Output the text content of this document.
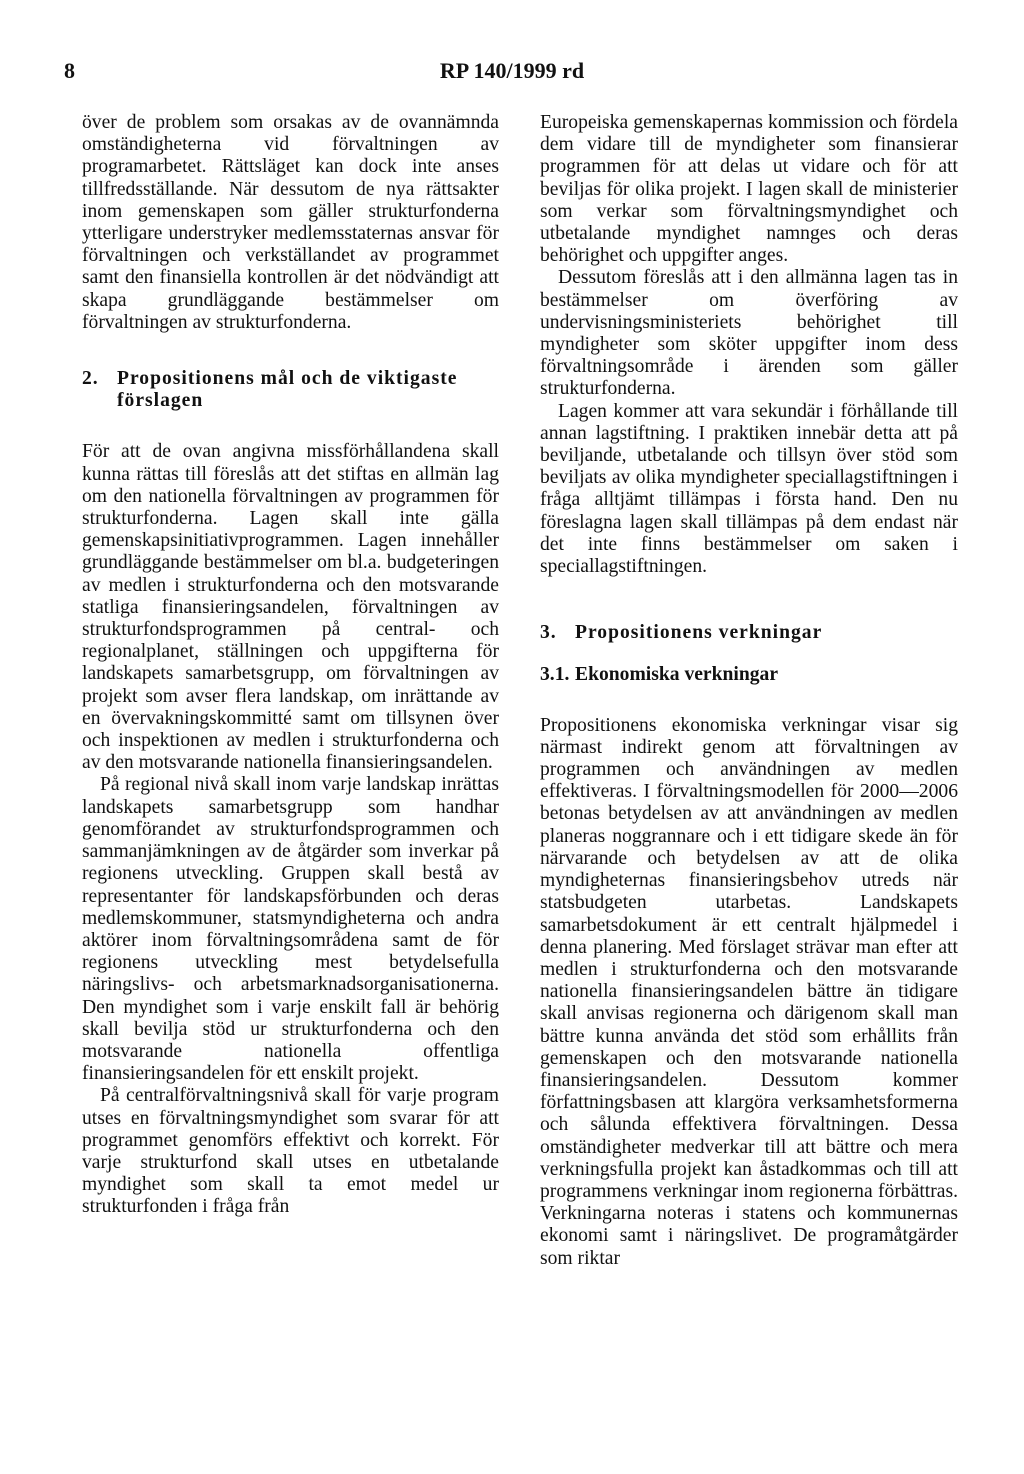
8	RP 140/1999 rd

över de problem som orsakas av de ovannämnda omständigheterna vid förvaltningen av programarbetet. Rättsläget kan dock inte anses tillfredsställande. När dessutom de nya rättsakter inom gemenskapen som gäller strukturfonderna ytterligare understryker medlemsstaternas ansvar för förvaltningen och verkställandet av programmet samt den finansiella kontrollen är det nödvändigt att skapa grundläggande bestämmelser om förvaltningen av strukturfonderna.

2. Propositionens mål och de viktigaste förslagen

För att de ovan angivna missförhållandena skall kunna rättas till föreslås att det stiftas en allmän lag om den nationella förvaltningen av programmen för strukturfonderna. Lagen skall inte gälla gemenskapsinitiativprogrammen. Lagen innehåller grundläggande bestämmelser om bl.a. budgeteringen av medlen i strukturfonderna och den motsvarande statliga finansieringsandelen, förvaltningen av strukturfondsprogrammen på central- och regionalplanet, ställningen och uppgifterna för landskapets samarbetsgrupp, om förvaltningen av projekt som avser flera landskap, om inrättande av en övervakningskommitté samt om tillsynen över och inspektionen av medlen i strukturfonderna och av den motsvarande nationella finansieringsandelen.

På regional nivå skall inom varje landskap inrättas landskapets samarbetsgrupp som handhar genomförandet av strukturfondsprogrammen och sammanjämkningen av de åtgärder som inverkar på regionens utveckling. Gruppen skall bestå av representanter för landskapsförbunden och deras medlemskommuner, statsmyndigheterna och andra aktörer inom förvaltningsområdena samt de för regionens utveckling mest betydelsefulla näringslivs- och arbetsmarknadsorganisationerna. Den myndighet som i varje enskilt fall är behörig skall bevilja stöd ur strukturfonderna och den motsvarande nationella offentliga finansieringsandelen för ett enskilt projekt.

På centralförvaltningsnivå skall för varje program utses en förvaltningsmyndighet som svarar för att programmet genomförs effektivt och korrekt. För varje strukturfond skall utses en utbetalande myndighet som skall ta emot medel ur strukturfonden i fråga från

Europeiska gemenskapernas kommission och fördela dem vidare till de myndigheter som finansierar programmen för att delas ut vidare och för att beviljas för olika projekt. I lagen skall de ministerier som verkar som förvaltningsmyndighet och utbetalande myndighet namnges och deras behörighet och uppgifter anges.

Dessutom föreslås att i den allmänna lagen tas in bestämmelser om överföring av undervisningsministeriets behörighet till myndigheter som sköter uppgifter inom dess förvaltningsområde i ärenden som gäller strukturfonderna.

Lagen kommer att vara sekundär i förhållande till annan lagstiftning. I praktiken innebär detta att på beviljande, utbetalande och tillsyn över stöd som beviljats av olika myndigheter speciallagstiftningen i fråga alltjämt tillämpas i första hand. Den nu föreslagna lagen skall tillämpas på dem endast när det inte finns bestämmelser om saken i speciallagstiftningen.

3. Propositionens verkningar
3.1. Ekonomiska verkningar

Propositionens ekonomiska verkningar visar sig närmast indirekt genom att förvaltningen av programmen och användningen av medlen effektiveras. I förvaltningsmodellen för 2000—2006 betonas betydelsen av att användningen av medlen planeras noggrannare och i ett tidigare skede än för närvarande och betydelsen av att de olika myndigheternas finansieringsbehov utreds när statsbudgeten utarbetas. Landskapets samarbetsdokument är ett centralt hjälpmedel i denna planering. Med förslaget strävar man efter att medlen i strukturfonderna och den motsvarande nationella finansieringsandelen bättre än tidigare skall anvisas regionerna och därigenom skall man bättre kunna använda det stöd som erhållits från gemenskapen och den motsvarande nationella finansieringsandelen. Dessutom kommer författningsbasen att klargöra verksamhetsformerna och sålunda effektivera förvaltningen. Dessa omständigheter medverkar till att bättre och mera verkningsfulla projekt kan åstadkommas och till att programmens verkningar inom regionerna förbättras. Verkningarna noteras i statens och kommunernas ekonomi samt i näringslivet. De programåtgärder som riktar
